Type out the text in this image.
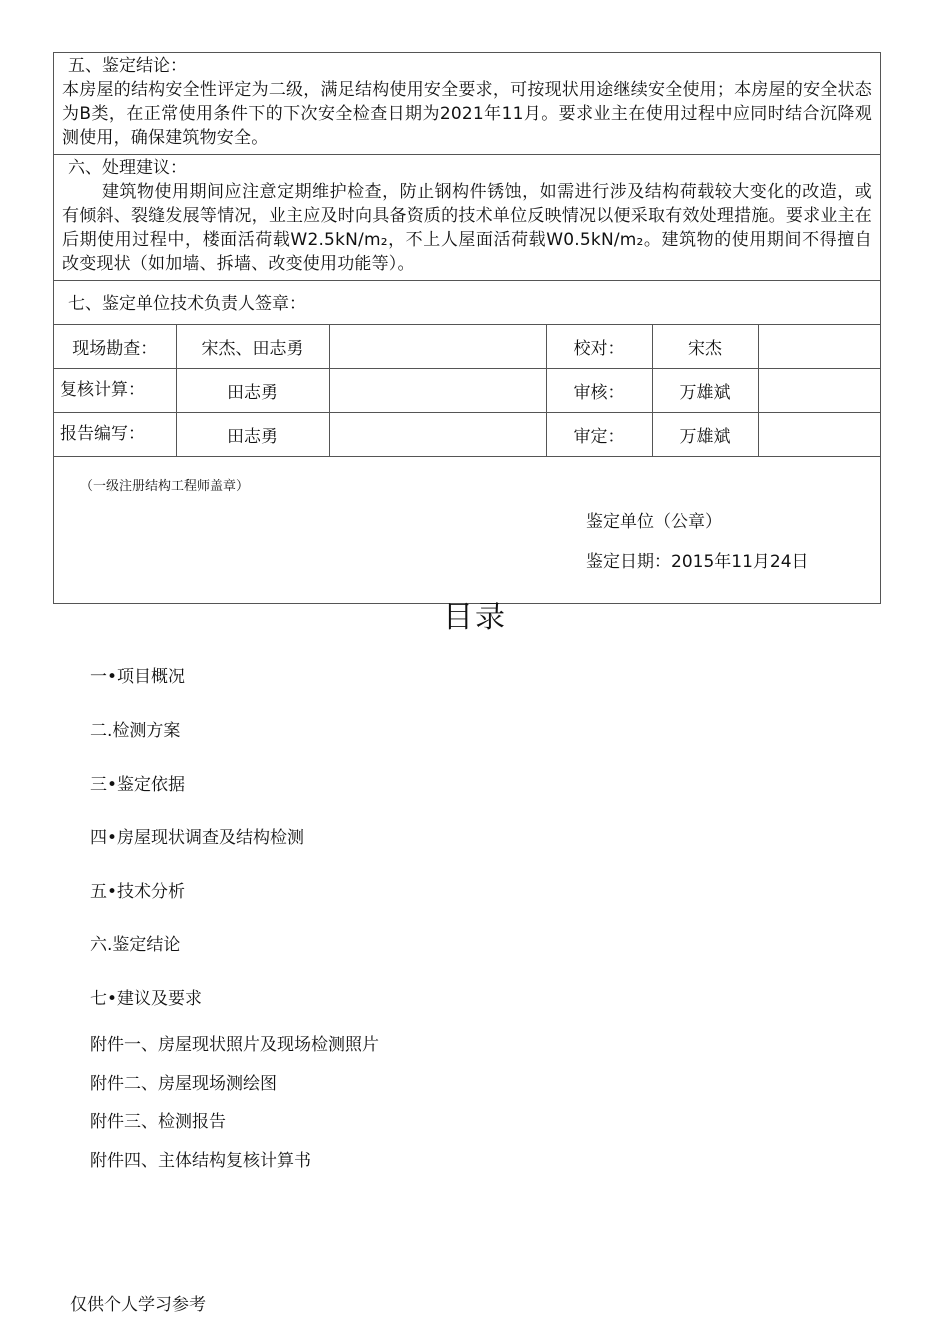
五、鉴定结论：
本房屋的结构安全性评定为二级，满足结构使用安全要求，可按现状用途继续安全使用；本房屋的安全状态为B类，在正常使用条件下的下次安全检查日期为2021年11月。要求业主在使用过程中应同时结合沉降观测使用，确保建筑物安全。
六、处理建议：
建筑物使用期间应注意定期维护检查，防止钢构件锈蚀，如需进行涉及结构荷载较大变化的改造，或有倾斜、裂缝发展等情况，业主应及时向具备资质的技术单位反映情况以便采取有效处理措施。要求业主在后期使用过程中，楼面活荷载W2.5kN/m₂，不上人屋面活荷载W0.5kN/m₂。建筑物的使用期间不得擅自改变现状（如加墙、拆墙、改变使用功能等）。
七、鉴定单位技术负责人签章：
现场勘查：	宋杰、田志勇		校对：	宋杰	
复核计算：	田志勇		审核：	万雄斌	
报告编写：	田志勇		审定：	万雄斌	
（一级注册结构工程师盖章）
鉴定单位（公章）
鉴定日期：2015年11月24日
目录
一•项目概况
二.检测方案
三•鉴定依据
四•房屋现状调查及结构检测
五•技术分析
六.鉴定结论
七•建议及要求
附件一、房屋现状照片及现场检测照片
附件二、房屋现场测绘图
附件三、检测报告
附件四、主体结构复核计算书
仅供个人学习参考
